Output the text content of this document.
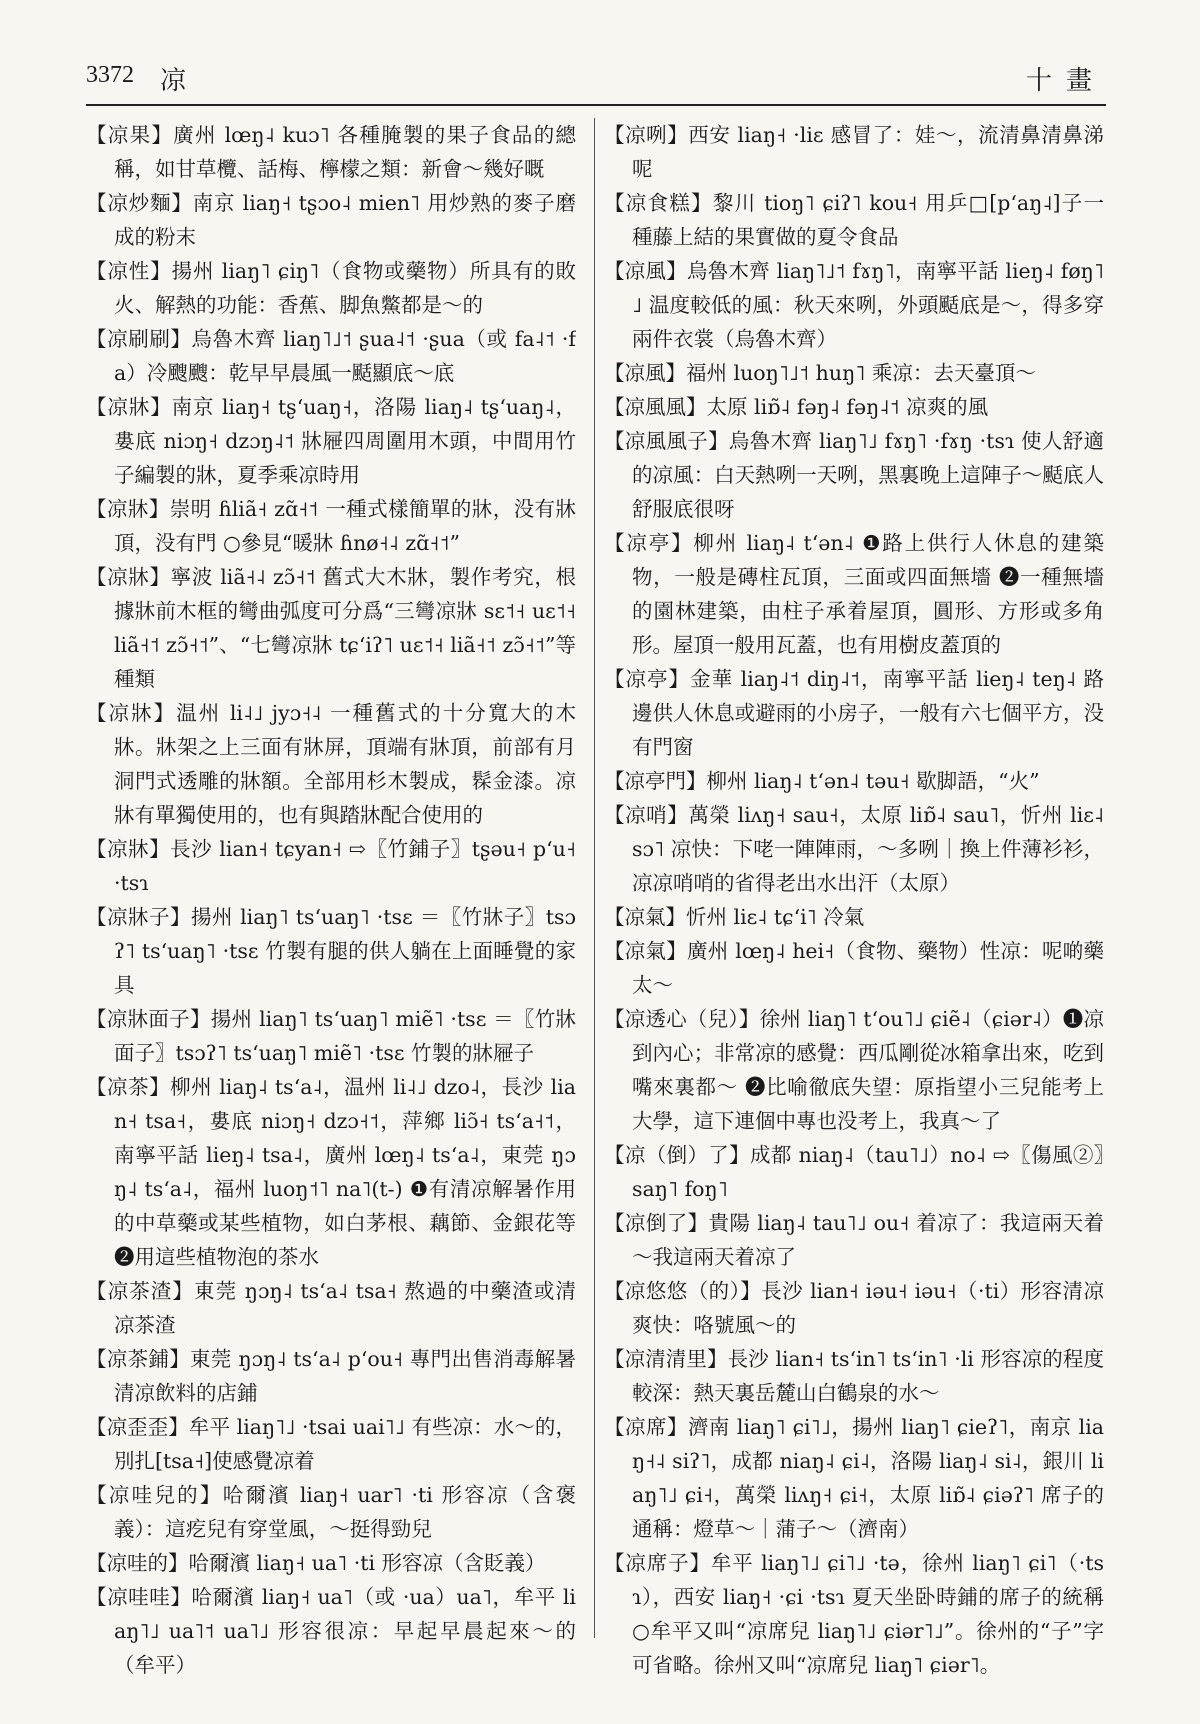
3372 凉	十畫

【凉果】廣州 lœŋ˨ kuɔ˥ 各種腌製的果子食品的總稱，如甘草欖、話梅、檸檬之類：新會～幾好嘅

【凉炒麵】南京 liaŋ˧ tʂɔo˨ mien˥ 用炒熟的麥子磨成的粉末

【凉性】揚州 liaŋ˥ ɕiŋ˥（食物或藥物）所具有的敗火、解熱的功能：香蕉、脚魚鱉都是～的

【凉刷刷】烏魯木齊 liaŋ˥˩˦ ʂua˨˦ ·ʂua（或 fa˨˦ ·fa）冷颼颼：乾早早晨風一颳顯底～底

【凉牀】南京 liaŋ˧ tʂʻuaŋ˧，洛陽 liaŋ˨ tʂʻuaŋ˨，婁底 niɔŋ˧ dzɔŋ˨˦ 牀屜四周圍用木頭，中間用竹子編製的牀，夏季乘凉時用

【凉牀】崇明 ɦliã˧ zɑ̃˧˦ 一種式樣簡單的牀，没有牀頂，没有門 ○參見“暖牀 ɦnø˧˨ zɑ̃˧˦”

【凉牀】寧波 liã˧˨ zɔ̃˧˦ 舊式大木牀，製作考究，根據牀前木框的彎曲弧度可分爲“三彎凉牀 sɛ˦˧ uɛ˦˧ liã˧˦ zɔ̃˧˦”、“七彎凉牀 tɕʻiʔ˥ uɛ˦˧ liã˧˦ zɔ̃˧˦”等種類

【凉牀】温州 li˨˩ jyɔ˧˨ 一種舊式的十分寬大的木牀。牀架之上三面有牀屏，頂端有牀頂，前部有月洞門式透雕的牀額。全部用杉木製成，髹金漆。凉牀有單獨使用的，也有與踏牀配合使用的

【凉牀】長沙 lian˧ tɕyan˧ ⇨〖竹鋪子〗tʂəu˧ pʻu˧ ·tsɿ

【凉牀子】揚州 liaŋ˥ tsʻuaŋ˥ ·tsɛ ＝〖竹牀子〗tsɔʔ˥ tsʻuaŋ˥ ·tsɛ 竹製有腿的供人躺在上面睡覺的家具

【凉牀面子】揚州 liaŋ˥ tsʻuaŋ˥ miẽ˥ ·tsɛ ＝〖竹牀面子〗tsɔʔ˥ tsʻuaŋ˥ miẽ˥ ·tsɛ 竹製的牀屜子

【凉茶】柳州 liaŋ˨ tsʻa˨，温州 li˨˩ dzo˨，長沙 lian˧ tsa˧，婁底 niɔŋ˧ dzɔ˧˦，萍鄉 liɔ̃˧ tsʻa˧˦，南寧平話 lieŋ˨ tsa˨，廣州 lœŋ˨ tsʻa˨，東莞 ŋɔŋ˨ tsʻa˨，福州 luoŋ˦˥ na˥(t-) ❶有清凉解暑作用的中草藥或某些植物，如白茅根、藕節、金銀花等 ❷用這些植物泡的茶水

【凉茶渣】東莞 ŋɔŋ˨ tsʻa˨ tsa˧ 熬過的中藥渣或清凉茶渣

【凉茶鋪】東莞 ŋɔŋ˨ tsʻa˨ pʻou˧ 專門出售消毒解暑清凉飲料的店鋪

【凉歪歪】牟平 liaŋ˥˩ ·tsai uai˥˩ 有些凉：水～的，別扎[tsa˧]使感覺凉着

【凉哇兒的】哈爾濱 liaŋ˧ uar˥ ·ti 形容凉（含褒義）：這疙兒有穿堂風，～挺得勁兒

【凉哇的】哈爾濱 liaŋ˧ ua˥ ·ti 形容凉（含貶義）

【凉哇哇】哈爾濱 liaŋ˧ ua˥（或 ·ua）ua˥，牟平 liaŋ˥˩ ua˥˦ ua˥˩ 形容很凉：早起早晨起來～的（牟平）

【凉咧】西安 liaŋ˧ ·liɛ 感冒了：娃～，流清鼻清鼻涕呢

【凉食糕】黎川 tioŋ˥ ɕiʔ˥ kou˧ 用乒□[pʻaŋ˨]子一種藤上結的果實做的夏令食品

【凉風】烏魯木齊 liaŋ˥˩˦ fɤŋ˥，南寧平話 lieŋ˨ føŋ˥˩ 温度較低的風：秋天來咧，外頭颳底是～，得多穿兩件衣裳（烏魯木齊）

【凉風】福州 luoŋ˥˩˦ huŋ˥ 乘凉：去天臺頂～

【凉風風】太原 liɒ̃˨ fəŋ˨ fəŋ˨˦ 凉爽的風

【凉風風子】烏魯木齊 liaŋ˥˩ fɤŋ˥ ·fɤŋ ·tsɿ 使人舒適的凉風：白天熱咧一天咧，黑裏晚上這陣子～颳底人舒服底很呀

【凉亭】柳州 liaŋ˨ tʻən˨ ❶路上供行人休息的建築物，一般是磚柱瓦頂，三面或四面無墻 ❷一種無墻的園林建築，由柱子承着屋頂，圓形、方形或多角形。屋頂一般用瓦蓋，也有用樹皮蓋頂的

【凉亭】金華 liaŋ˨˦ diŋ˨˦，南寧平話 lieŋ˨ teŋ˨ 路邊供人休息或避雨的小房子，一般有六七個平方，没有門窗

【凉亭門】柳州 liaŋ˨ tʻən˨ təu˧ 歇脚語，“火”

【凉哨】萬榮 liʌŋ˧ sau˧，太原 liɒ̃˨ sau˥，忻州 liɛ˨ sɔ˥ 凉快：下咾一陣陣雨，～多咧｜換上件薄衫衫，凉凉哨哨的省得老出水出汗（太原）

【凉氣】忻州 liɛ˨ tɕʻi˥ 冷氣

【凉氣】廣州 lœŋ˨ hei˧（食物、藥物）性凉：呢啲藥太～

【凉透心（兒）】徐州 liaŋ˥ tʻou˥˩ ɕiẽ˨（ɕiər˨）❶凉到內心；非常凉的感覺：西瓜剛從冰箱拿出來，吃到嘴來裏都～ ❷比喻徹底失望：原指望小三兒能考上大學，這下連個中專也没考上，我真～了

【凉（倒）了】成都 niaŋ˨（tau˥˩）no˨ ⇨〖傷風②〗saŋ˥ foŋ˥

【凉倒了】貴陽 liaŋ˨ tau˥˩ ou˧ 着凉了：我這兩天着～我這兩天着凉了

【凉悠悠（的）】長沙 lian˧ iəu˧ iəu˧（·ti）形容清凉爽快：咯號風～的

【凉清清里】長沙 lian˧ tsʻin˥ tsʻin˥ ·li 形容凉的程度較深：熱天裏岳麓山白鶴泉的水～

【凉席】濟南 liaŋ˥ ɕi˥˩，揚州 liaŋ˥ ɕieʔ˥，南京 liaŋ˧˨ siʔ˥，成都 niaŋ˨ ɕi˨，洛陽 liaŋ˨ si˨，銀川 liaŋ˥˩ ɕi˧，萬榮 liʌŋ˧ ɕi˧，太原 liɒ̃˨ ɕiəʔ˥ 席子的通稱：燈草～｜蒲子～（濟南）

【凉席子】牟平 liaŋ˥˩ ɕi˥˩ ·tə，徐州 liaŋ˥ ɕi˥（·tsɿ），西安 liaŋ˧ ·ɕi ·tsɿ 夏天坐卧時鋪的席子的統稱 ○牟平又叫“凉席兒 liaŋ˥˩ ɕiər˥˩”。徐州的“子”字可省略。徐州又叫“凉席兒 liaŋ˥ ɕiər˥。
